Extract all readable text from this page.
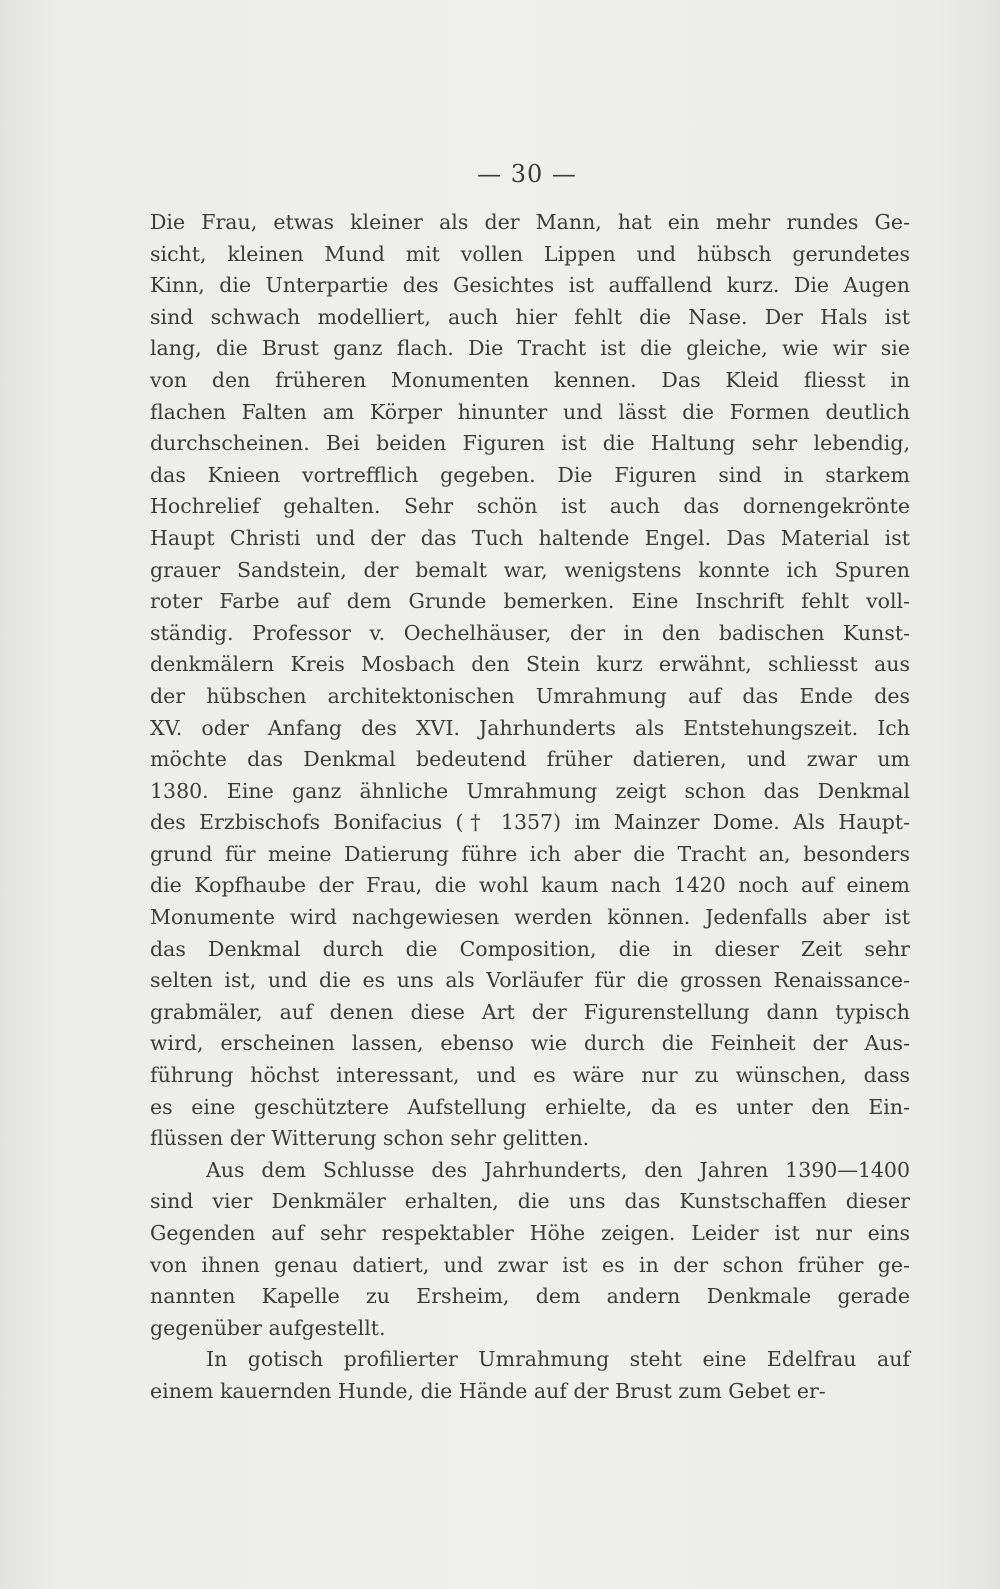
— 30 —
Die Frau, etwas kleiner als der Mann, hat ein mehr rundes Ge-
sicht, kleinen Mund mit vollen Lippen und hübsch gerundetes
Kinn, die Unterpartie des Gesichtes ist auffallend kurz. Die Augen
sind schwach modelliert, auch hier fehlt die Nase. Der Hals ist
lang, die Brust ganz flach. Die Tracht ist die gleiche, wie wir sie
von den früheren Monumenten kennen. Das Kleid fliesst in
flachen Falten am Körper hinunter und lässt die Formen deutlich
durchscheinen. Bei beiden Figuren ist die Haltung sehr lebendig,
das Knieen vortrefflich gegeben. Die Figuren sind in starkem
Hochrelief gehalten. Sehr schön ist auch das dornengekrönte
Haupt Christi und der das Tuch haltende Engel. Das Material ist
grauer Sandstein, der bemalt war, wenigstens konnte ich Spuren
roter Farbe auf dem Grunde bemerken. Eine Inschrift fehlt voll-
ständig. Professor v. Oechelhäuser, der in den badischen Kunst-
denkmälern Kreis Mosbach den Stein kurz erwähnt, schliesst aus
der hübschen architektonischen Umrahmung auf das Ende des
XV. oder Anfang des XVI. Jahrhunderts als Entstehungszeit. Ich
möchte das Denkmal bedeutend früher datieren, und zwar um
1380. Eine ganz ähnliche Umrahmung zeigt schon das Denkmal
des Erzbischofs Bonifacius († 1357) im Mainzer Dome. Als Haupt-
grund für meine Datierung führe ich aber die Tracht an, besonders
die Kopfhaube der Frau, die wohl kaum nach 1420 noch auf einem
Monumente wird nachgewiesen werden können. Jedenfalls aber ist
das Denkmal durch die Composition, die in dieser Zeit sehr
selten ist, und die es uns als Vorläufer für die grossen Renaissance-
grabmäler, auf denen diese Art der Figurenstellung dann typisch
wird, erscheinen lassen, ebenso wie durch die Feinheit der Aus-
führung höchst interessant, und es wäre nur zu wünschen, dass
es eine geschütztere Aufstellung erhielte, da es unter den Ein-
flüssen der Witterung schon sehr gelitten.
Aus dem Schlusse des Jahrhunderts, den Jahren 1390—1400
sind vier Denkmäler erhalten, die uns das Kunstschaffen dieser
Gegenden auf sehr respektabler Höhe zeigen. Leider ist nur eins
von ihnen genau datiert, und zwar ist es in der schon früher ge-
nannten Kapelle zu Ersheim, dem andern Denkmale gerade
gegenüber aufgestellt.
In gotisch profilierter Umrahmung steht eine Edelfrau auf
einem kauernden Hunde, die Hände auf der Brust zum Gebet er-
